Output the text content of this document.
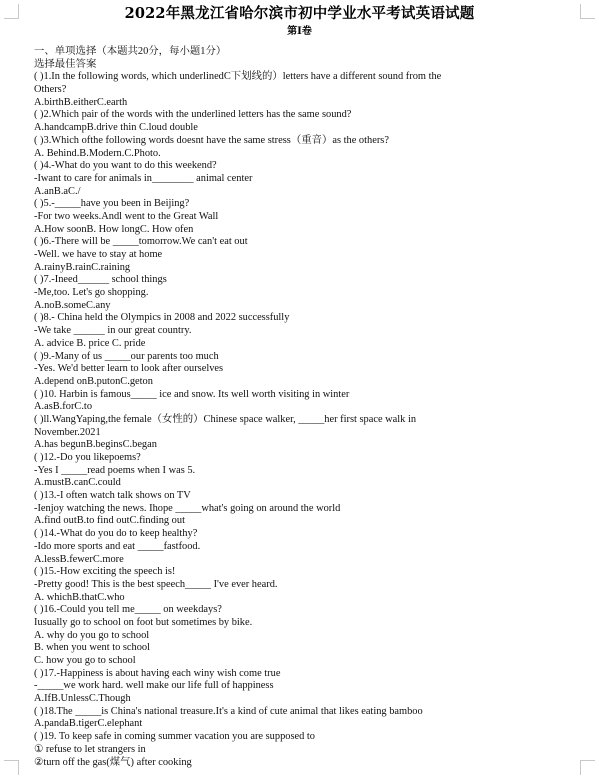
2022年黑龙江省哈尔滨市初中学业水平考试英语试题
第Ⅰ卷
一、单项选择（本题共20分，每小题1分）
选择最佳答案
( )1.In the following words, which underlinedC下划线的）letters have a different sound from the
Others?
A.birthB.eitherC.earth
( )2.Which pair of the words with the underlined letters has the same sound?
A.handcampB.drive thin C.loud double
( )3.Which ofthe following words doesnt have the same stress（重音）as the others?
A. Behind.B.Modern.C.Photo.
( )4.-What do you want to do this weekend?
-Iwant to care for animals in________ animal center
A.anB.aC./
( )5.-_____have you been in Beijing?
-For two weeks.Andl went to the Great Wall
A.How soonB. How longC. How ofen
( )6.-There will be _____tomorrow.We can't eat out
-Well. we have to stay at home
A.rainyB.rainC.raining
( )7.-Ineed______ school things
-Me,too. Let's go shopping.
A.noB.someC.any
( )8.- China held the Olympics in 2008 and 2022 successfully
-We take ______ in our great country.
A. advice B. price C. pride
( )9.-Many of us _____our parents too much
-Yes. We'd better learn to look after ourselves
A.depend onB.putonC.geton
( )10. Harbin is famous_____ ice and snow. Its well worth visiting in winter
A.asB.forC.to
( )ll.WangYaping,the female（女性的）Chinese space walker, _____her first space walk in
November.2021
A.has begunB.beginsC.began
( )12.-Do you likepoems?
-Yes I _____read poems when I was 5.
A.mustB.canC.could
( )13.-I often watch talk shows on TV
-Ienjoy watching the news. Ihope _____what's going on around the world
A.find outB.to find outC.finding out
( )14.-What do you do to keep healthy?
-Ido more sports and eat _____fastfood.
A.lessB.fewerC.more
( )15.-How exciting the speech is!
-Pretty good! This is the best speech_____ I've ever heard.
A. whichB.thatC.who
( )16.-Could you tell me_____ on weekdays?
Iusually go to school on foot but sometimes by bike.
A. why do you go to school
B. when you went to school
C. how you go to school
( )17.-Happiness is about having each winy wish come true
-_____we work hard. well make our life full of happiness
A.IfB.UnlessC.Though
( )18.The _____is China's national treasure.It's a kind of cute animal that likes eating bamboo
A.pandaB.tigerC.elephant
( )19. To keep safe in coming summer vacation you are supposed to
① refuse to let strangers in
②turn off the gas(煤气) after cooking
